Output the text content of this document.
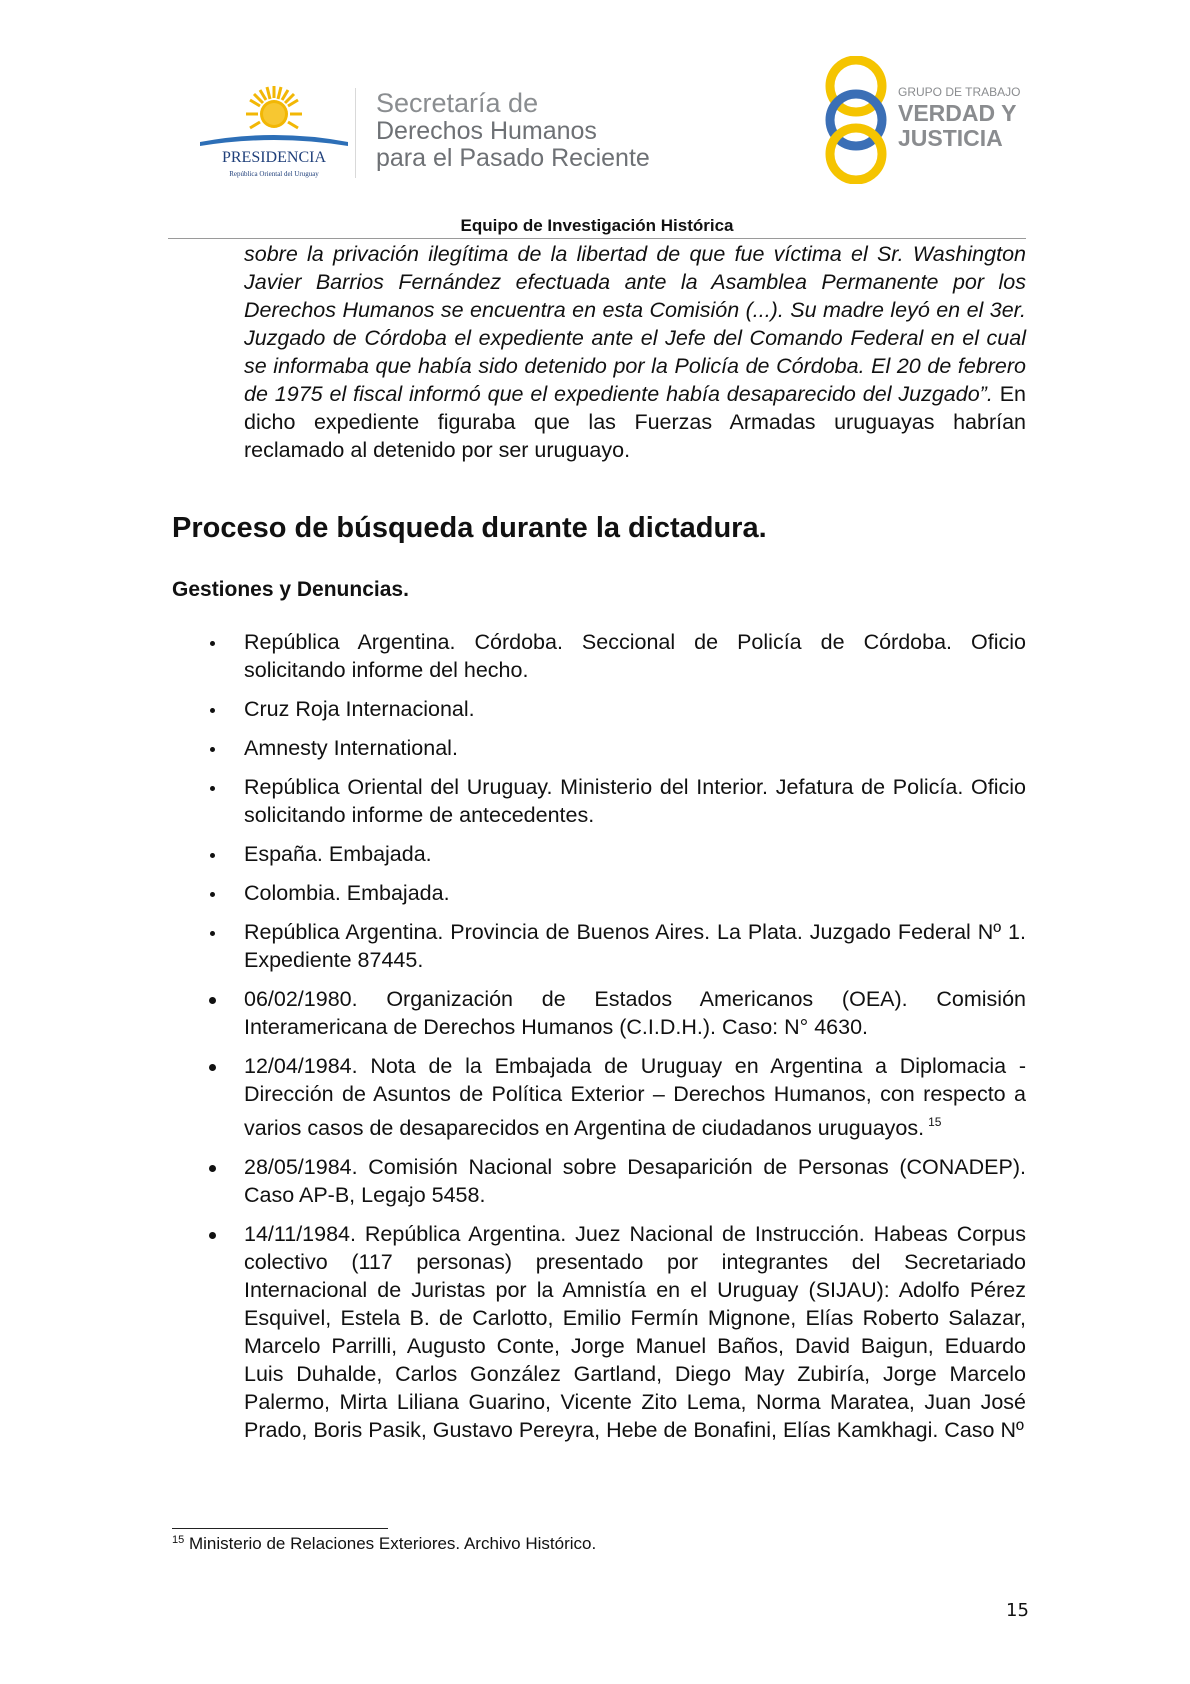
PRESIDENCIA
República Oriental del Uruguay
Secretaría de
Derechos Humanos
para el Pasado Reciente
GRUPO DE TRABAJO
VERDAD Y
JUSTICIA
Equipo de Investigación Histórica
sobre la privación ilegítima de la libertad de que fue víctima el Sr. Washington Javier Barrios Fernández efectuada ante la Asamblea Permanente por los Derechos Humanos se encuentra en esta Comisión (...). Su madre leyó en el 3er. Juzgado de Córdoba el expediente ante el Jefe del Comando Federal en el cual se informaba que había sido detenido por la Policía de Córdoba. El 20 de febrero de 1975 el fiscal informó que el expediente había desaparecido del Juzgado”. En dicho expediente figuraba que las Fuerzas Armadas uruguayas habrían reclamado al detenido por ser uruguayo.
Proceso de búsqueda durante la dictadura.
Gestiones y Denuncias.
República Argentina. Córdoba. Seccional de Policía de Córdoba. Oficio solicitando informe del hecho.
Cruz Roja Internacional.
Amnesty International.
República Oriental del Uruguay. Ministerio del Interior. Jefatura de Policía. Oficio solicitando informe de antecedentes.
España. Embajada.
Colombia. Embajada.
República Argentina. Provincia de Buenos Aires. La Plata. Juzgado Federal Nº 1. Expediente 87445.
06/02/1980. Organización de Estados Americanos (OEA). Comisión Interamericana de Derechos Humanos (C.I.D.H.). Caso: N° 4630.
12/04/1984. Nota de la Embajada de Uruguay en Argentina a Diplomacia - Dirección de Asuntos de Política Exterior – Derechos Humanos, con respecto a varios casos de desaparecidos en Argentina de ciudadanos uruguayos. $^{15}$
28/05/1984. Comisión Nacional sobre Desaparición de Personas (CONADEP). Caso AP-B, Legajo 5458.
14/11/1984. República Argentina. Juez Nacional de Instrucción. Habeas Corpus colectivo (117 personas) presentado por integrantes del Secretariado Internacional de Juristas por la Amnistía en el Uruguay (SIJAU): Adolfo Pérez Esquivel, Estela B. de Carlotto, Emilio Fermín Mignone, Elías Roberto Salazar, Marcelo Parrilli, Augusto Conte, Jorge Manuel Baños, David Baigun, Eduardo Luis Duhalde, Carlos González Gartland, Diego May Zubiría, Jorge Marcelo Palermo, Mirta Liliana Guarino, Vicente Zito Lema, Norma Maratea, Juan José Prado, Boris Pasik, Gustavo Pereyra, Hebe de Bonafini, Elías Kamkhagi. Caso Nº
$^{15}$ Ministerio de Relaciones Exteriores. Archivo Histórico.
15
